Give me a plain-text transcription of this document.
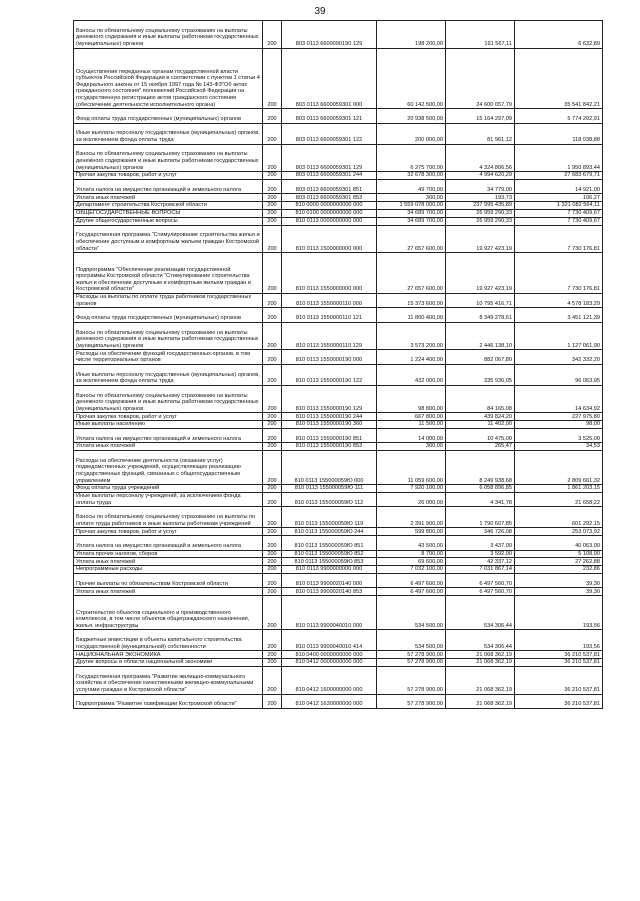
39
Взносы по обязательному социальному страхованию на выплаты денежного содержания и иные выплаты работникам государственных (муниципальных) органов	200	803 0113 6600090190 129	198 200,00	191 567,11	6 632,89
Осуществление переданных органам государственной власти субъектов Российской Федерации в соответствии с пунктом 1 статьи 4 Федерального закона от 15 ноября 1997 года № 143-ФЗ"Об актах гражданского состояния" полномочий Российской Федерации на государственную регистрацию актов гражданского состояния (обеспечение деятельности исполнительного органа)	200	803 0113 6600059301 000	60 142 500,00	24 600 657,79	35 541 842,21
Фонд оплаты труда государственных (муниципальных) органов	200	803 0113 6600059301 121	20 938 500,00	15 164 297,09	5 774 202,91
Иные выплаты персоналу государственных (муниципальных) органов, за исключением фонда оплаты труда	200	803 0113 6600059301 122	200 000,00	81 961,12	118 038,88
Взносы по обязательному социальному страхованию на выплаты денежного содержания и иные выплаты работникам государственных (муниципальных) органов	200	803 0113 6600059301 129	6 275 700,00	4 324 806,56	1 950 893,44
Прочая закупка товаров, работ и услуг	200	803 0113 6600059301 244	32 678 300,00	4 994 620,29	27 683 679,71
Уплата налога на имущество организаций и земельного налога	200	803 0113 6600059301 851	49 700,00	34 779,00	14 921,00
Уплата иных платежей	200	803 0113 6600059301 853	300,00	193,73	106,27
Департамент строительства Костромской области	200	810 0000 0000000000 000	1 559 078 000,00	237 995 435,89	1 321 082 564,11
ОБЩЕГОСУДАРСТВЕННЫЕ ВОПРОСЫ	200	810 0100 0000000000 000	34 689 700,00	26 959 290,33	7 730 409,67
Другие общегосударственные вопросы	200	810 0113 0000000000 000	34 689 700,00	26 959 290,33	7 730 409,67
Государственная программа "Стимулирование строительства жилья и обеспечение доступным и комфортным жильем граждан Костромской области"	200	810 0113 1500000000 000	27 657 600,00	19 927 423,19	7 730 176,81
Подпрограмма "Обеспечение реализации государственной программы Костромской области "Стимулирование строительства жилья и обеспечение доступным и комфортным жильем граждан в Костромской области"	200	810 0113 1550000000 000	27 657 600,00	19 927 423,19	7 730 176,81
Расходы на выплаты по оплате труда работников государственных органов	200	810 0113 1550000110 000	15 373 600,00	10 795 416,71	4 578 183,29
Фонд оплаты труда государственных (муниципальных) органов	200	810 0113 1550000110 121	11 800 400,00	8 349 278,61	3 451 121,39
Взносы по обязательному социальному страхованию на выплаты денежного содержания и иные выплаты работникам государственных (муниципальных) органов	200	810 0113 1550000110 129	3 573 200,00	2 446 138,10	1 127 061,90
Расходы на обеспечение функций государственных органов, в том числе территориальных органов	200	810 0113 1550000190 000	1 224 400,00	882 067,80	342 332,20
Иные выплаты персоналу государственных (муниципальных) органов, за исключением фонда оплаты труда	200	810 0113 1550000190 122	432 000,00	335 936,05	96 063,95
Взносы по обязательному социальному страхованию на выплаты денежного содержания и иные выплаты работникам государственных (муниципальных) органов	200	810 0113 1550000190 129	98 800,00	84 165,08	14 634,92
Прочая закупка товаров, работ и услуг	200	810 0113 1550000190 244	667 800,00	439 824,20	227 975,80
Иные выплаты населению	200	810 0113 1550000190 360	11 500,00	11 402,00	98,00
Уплата налога на имущество организаций и земельного налога	200	810 0113 1550000190 851	14 000,00	10 475,00	3 525,00
Уплата иных платежей	200	810 0113 1550000190 853	300,00	265,47	34,53
Расходы на обеспечение деятельности (оказание услуг) подведомственных учреждений, осуществляющих реализацию государственных функций, связанных с общегосударственным управлением	200	810 0113 155000059Ю 000	11 059 600,00	8 249 938,68	2 809 661,32
Фонд оплаты труда учреждений	200	810 0113 155000059Ю 111	7 920 100,00	6 058 896,85	1 861 203,15
Иные выплаты персоналу учреждений, за исключением фонда оплаты труда	200	810 0113 155000059Ю 112	26 000,00	4 341,78	21 658,22
Взносы по обязательному социальному страхованию на выплаты по оплате труда работников и иные выплаты работникам учреждений	200	810 0113 155000059Ю 119	2 391 900,00	1 790 607,85	601 292,15
Прочая закупка товаров, работ и услуг	200	810 0113 155000059Ю 244	599 800,00	346 726,08	253 073,92
Уплата налога на имущество организаций и земельного налога	200	810 0113 155000059Ю 851	43 500,00	3 437,00	40 063,00
Уплата прочих налогов, сборов	200	810 0113 155000059Ю 852	8 700,00	3 592,00	5 108,00
Уплата иных платежей	200	810 0113 155000059Ю 853	69 600,00	42 337,12	27 262,88
Непрограммные расходы	200	810 0113 9900000000 000	7 032 100,00	7 031 867,14	232,86
Прочие выплаты по обязательствам Костромской области	200	810 0113 9900020140 000	6 497 600,00	6 497 560,70	39,30
Уплата иных платежей	200	810 0113 9900020140 853	6 497 600,00	6 497 560,70	39,30
Строительство объектов социального и производственного комплексов, в том числе объектов общегражданского назначения, жилья, инфраструктуры	200	810 0113 9900040010 000	534 500,00	534 306,44	193,56
Бюджетные инвестиции в объекты капитального строительства государственной (муниципальной) собственности	200	810 0113 9900040010 414	534 500,00	534 306,44	193,56
НАЦИОНАЛЬНАЯ ЭКОНОМИКА	200	810 0400 0000000000 000	57 278 900,00	21 068 362,19	36 210 537,81
Другие вопросы в области национальной экономики	200	810 0412 0000000000 000	57 278 900,00	21 068 362,19	36 210 537,81
Государственная программа "Развитие жилищно-коммунального хозяйства и обеспечение качественными жилищно-коммунальными услугами граждан в Костромской области"	200	810 0412 1600000000 000	57 278 900,00	21 068 362,19	36 210 537,81
Подпрограмма "Развитие газификации Костромской области"	200	810 0412 1630000000 000	57 278 900,00	21 068 362,19	36 210 537,81
